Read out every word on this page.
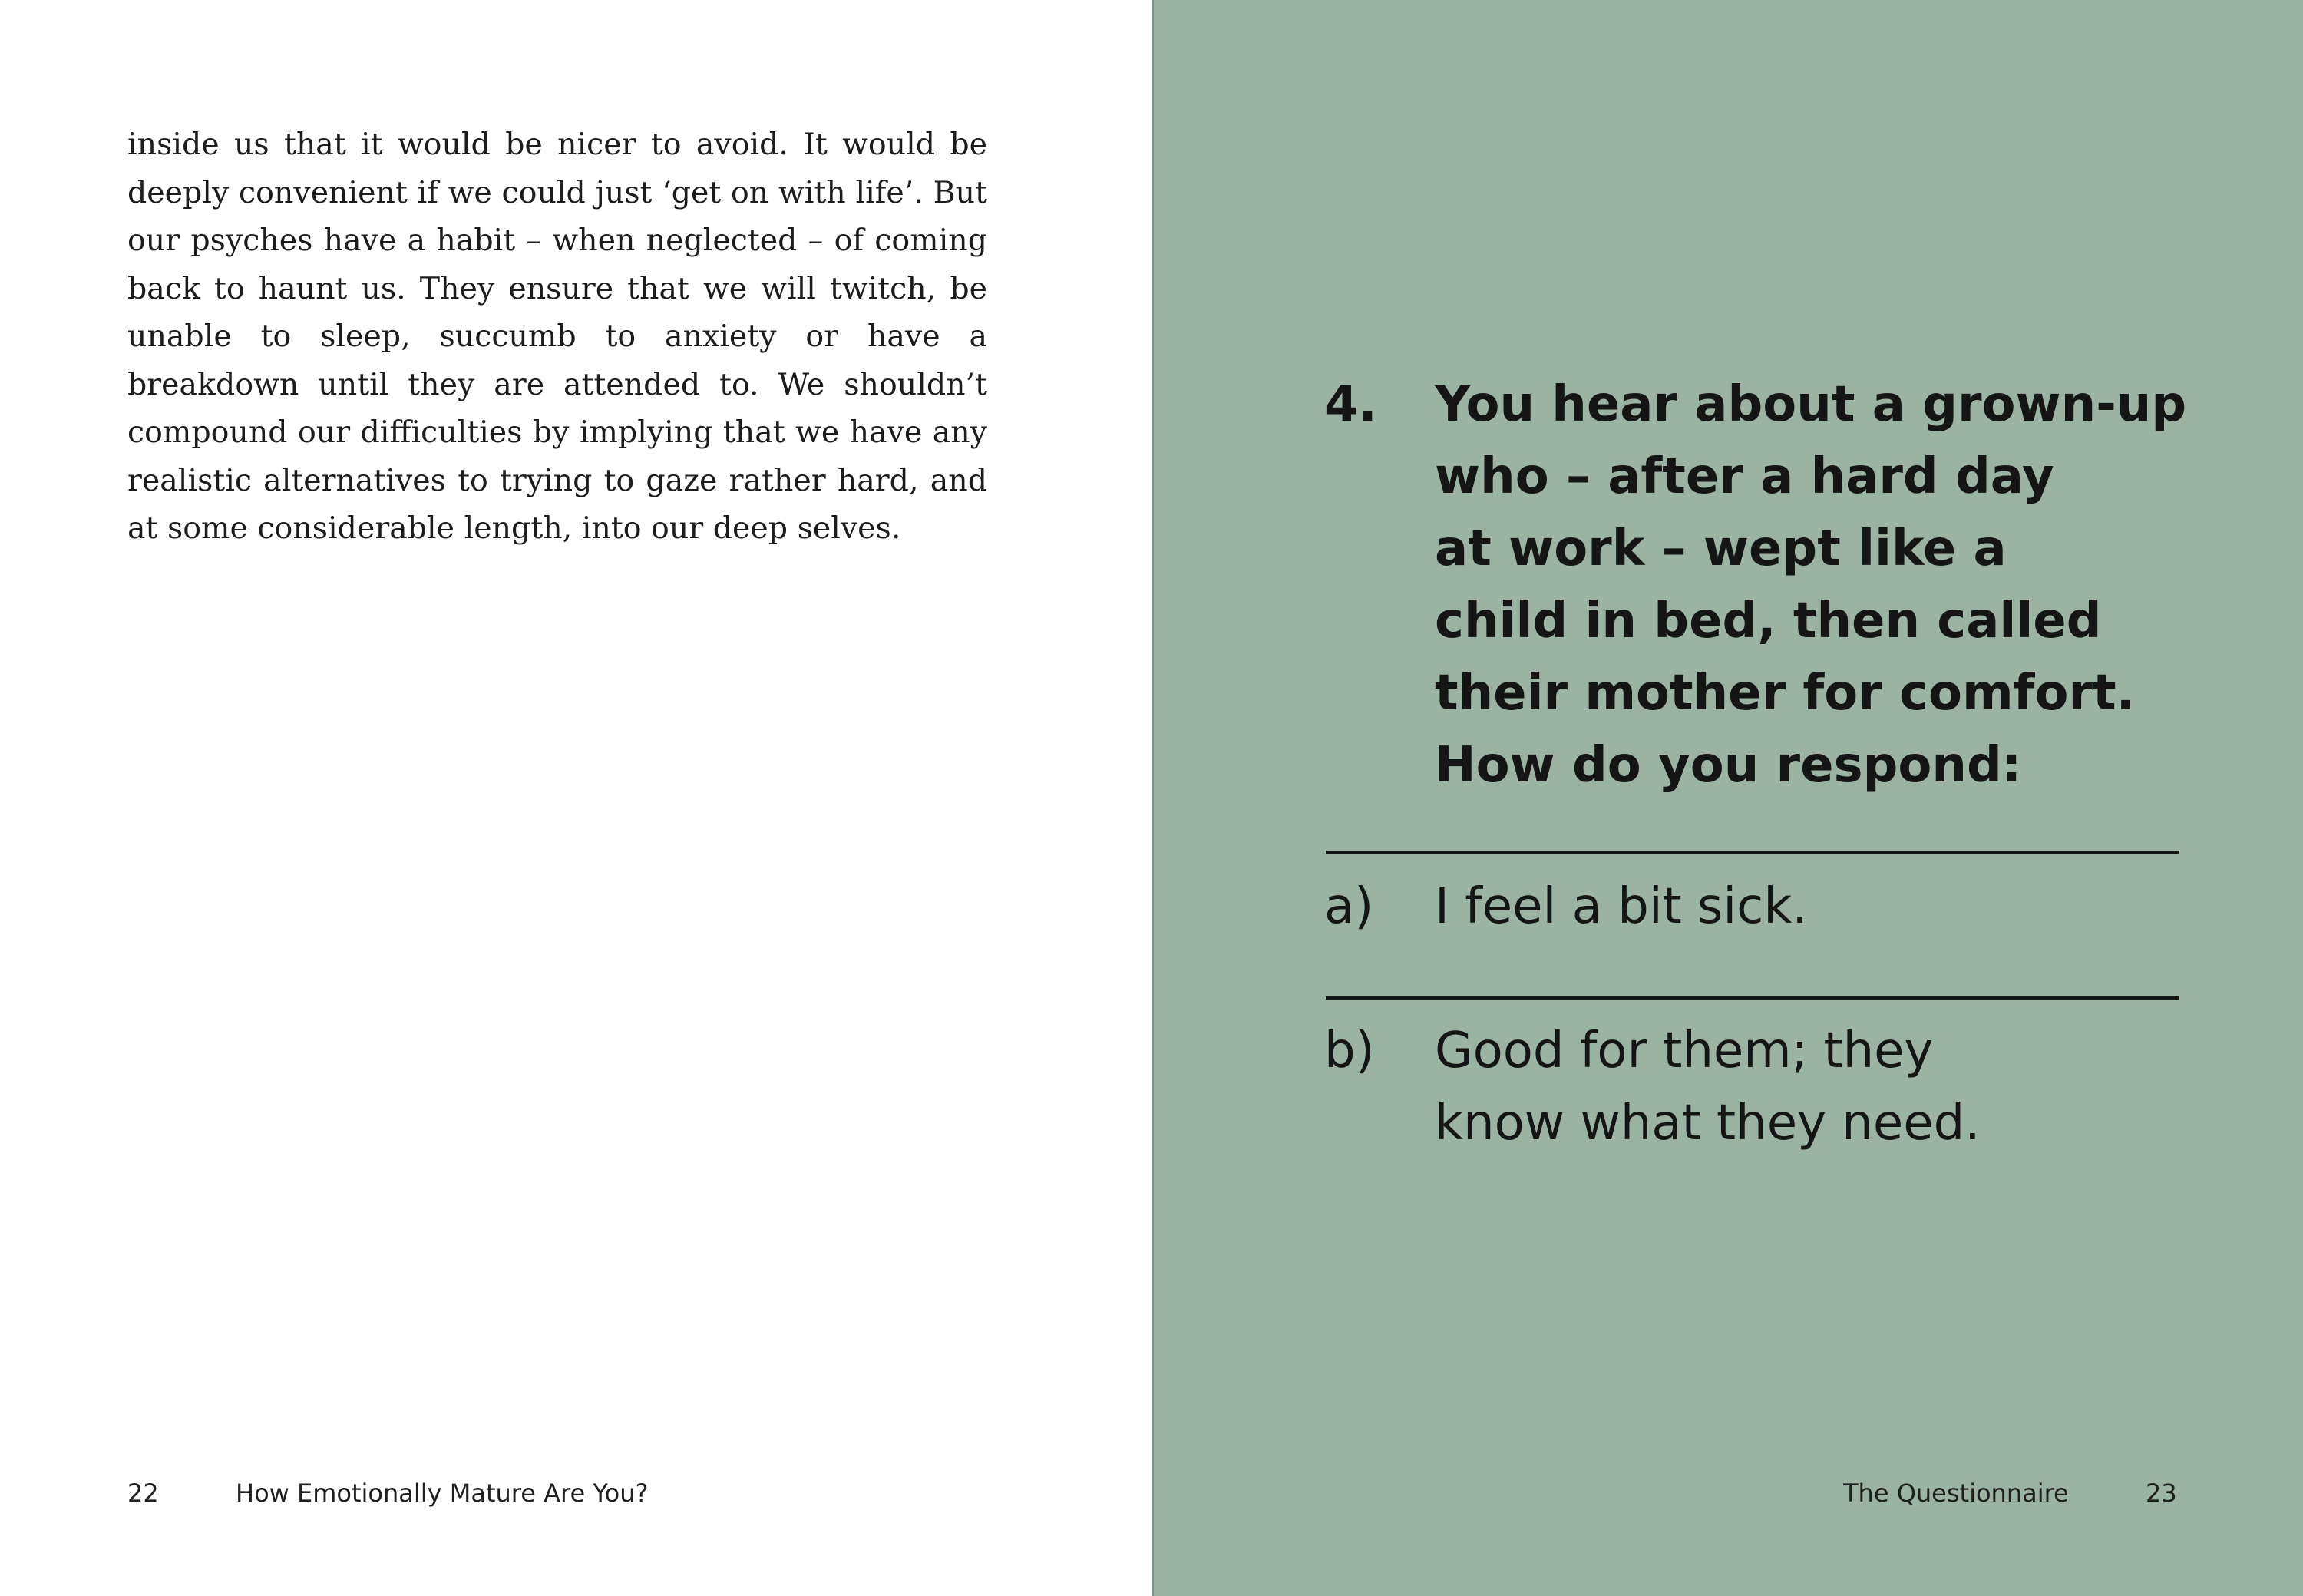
inside us that it would be nicer to avoid. It would be deeply convenient if we could just ‘get on with life’. But our psyches have a habit – when neglected – of coming back to haunt us. They ensure that we will twitch, be unable to sleep, succumb to anxiety or have a breakdown until they are attended to. We shouldn’t compound our difficulties by implying that we have any realistic alternatives to trying to gaze rather hard, and at some considerable length, into our deep selves.

22	How Emotionally Mature Are You?
4. You hear about a grown-up
who – after a hard day
at work – wept like a
child in bed, then called
their mother for comfort.
How do you respond:
a) I feel a bit sick.
b) Good for them; they
know what they need.
The Questionnaire	23
